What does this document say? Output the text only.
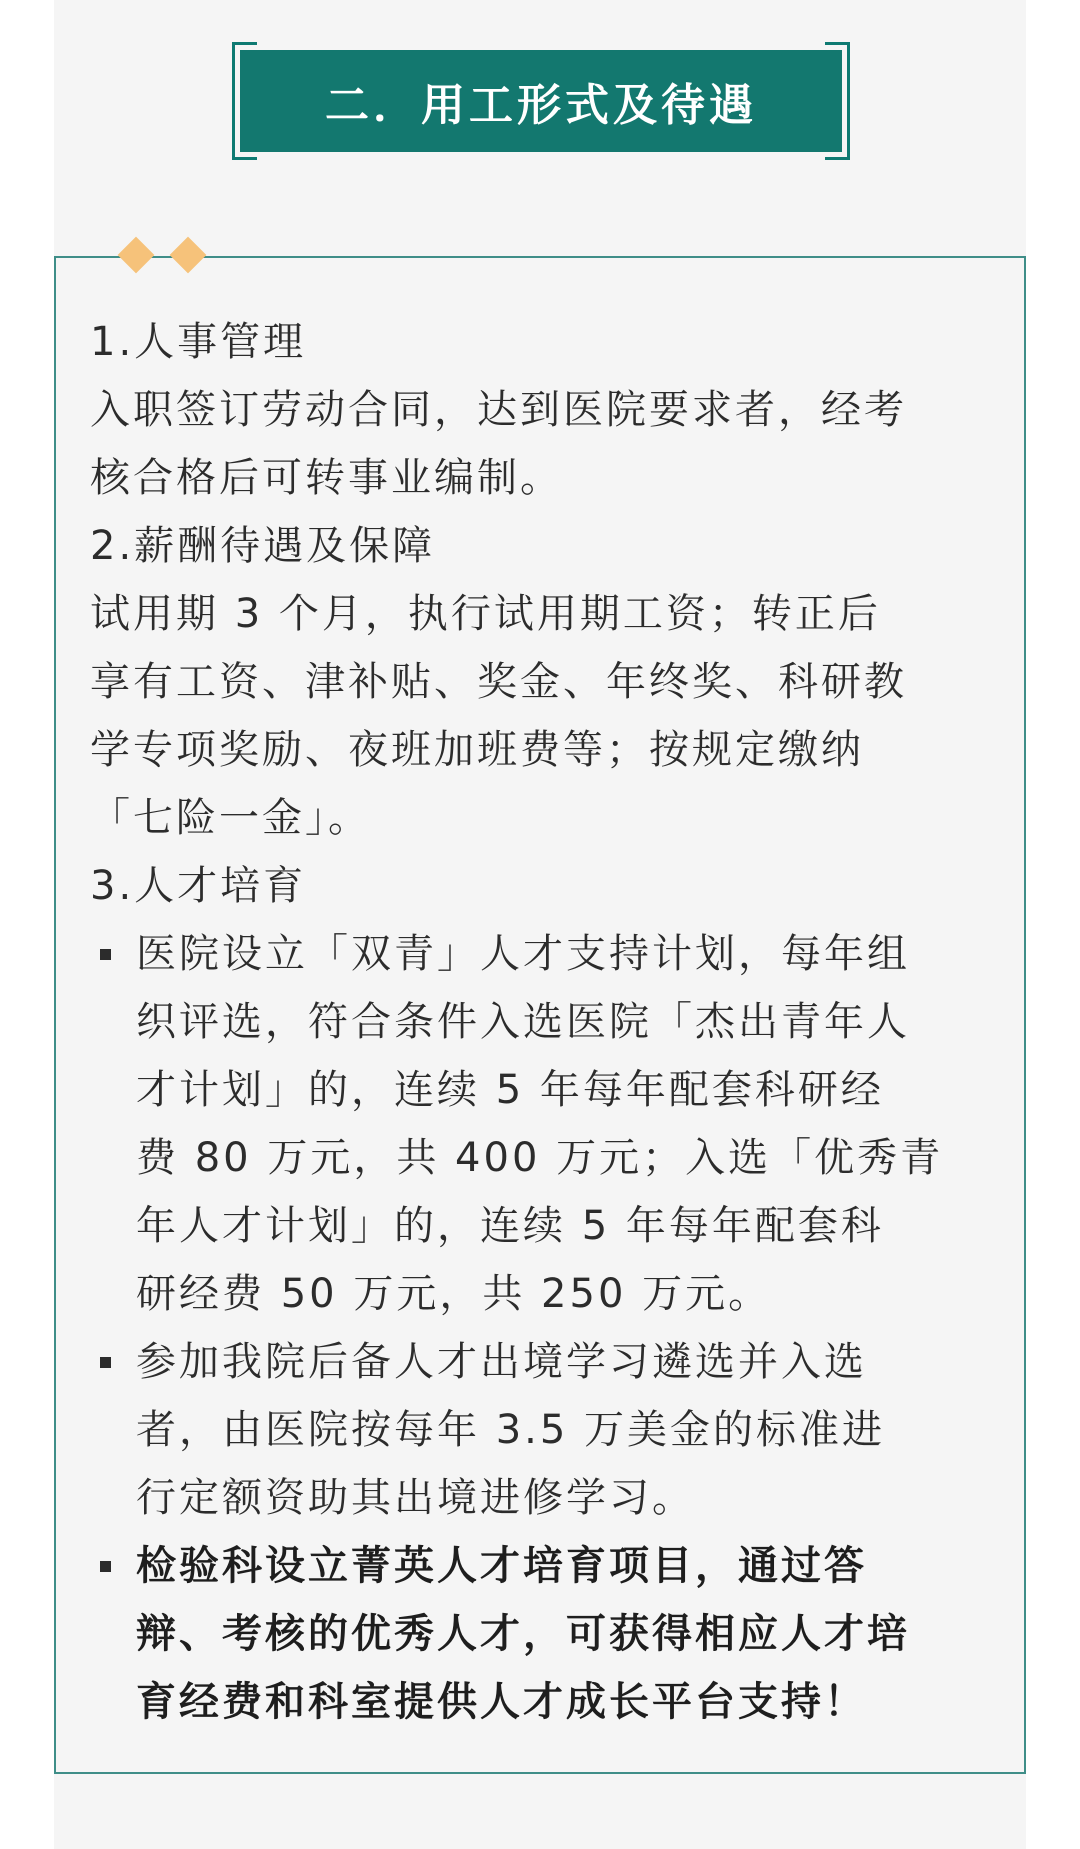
二．用工形式及待遇
1.人事管理
入职签订劳动合同，达到医院要求者，经考
核合格后可转事业编制。
2.薪酬待遇及保障
试用期 3 个月，执行试用期工资；转正后
享有工资、津补贴、奖金、年终奖、科研教
学专项奖励、夜班加班费等；按规定缴纳
「七险一金」。
3.人才培育
医院设立「双青」人才支持计划，每年组
织评选，符合条件入选医院「杰出青年人
才计划」的，连续 5 年每年配套科研经
费 80 万元，共 400 万元；入选「优秀青
年人才计划」的，连续 5 年每年配套科
研经费 50 万元，共 250 万元。
参加我院后备人才出境学习遴选并入选
者，由医院按每年 3.5 万美金的标准进
行定额资助其出境进修学习。
检验科设立菁英人才培育项目，通过答
辩、考核的优秀人才，可获得相应人才培
育经费和科室提供人才成长平台支持！
